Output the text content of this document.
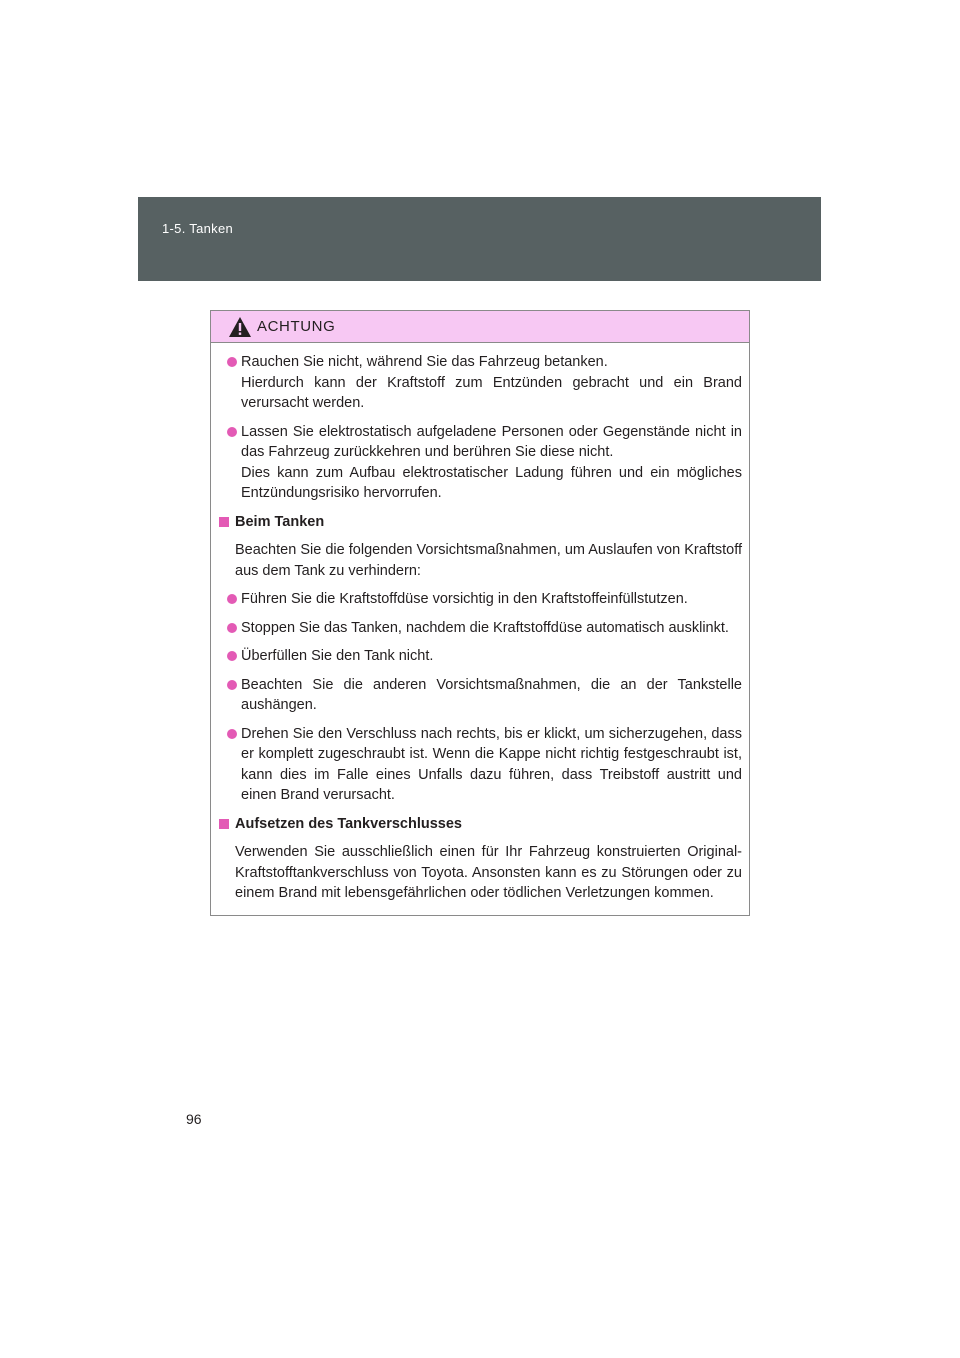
1-5. Tanken
ACHTUNG
Rauchen Sie nicht, während Sie das Fahrzeug betanken.
Hierdurch kann der Kraftstoff zum Entzünden gebracht und ein Brand verursacht werden.
Lassen Sie elektrostatisch aufgeladene Personen oder Gegenstände nicht in das Fahrzeug zurückkehren und berühren Sie diese nicht.
Dies kann zum Aufbau elektrostatischer Ladung führen und ein mögliches Entzündungsrisiko hervorrufen.
Beim Tanken
Beachten Sie die folgenden Vorsichtsmaßnahmen, um Auslaufen von Kraftstoff aus dem Tank zu verhindern:
Führen Sie die Kraftstoffdüse vorsichtig in den Kraftstoffeinfüllstutzen.
Stoppen Sie das Tanken, nachdem die Kraftstoffdüse automatisch ausklinkt.
Überfüllen Sie den Tank nicht.
Beachten Sie die anderen Vorsichtsmaßnahmen, die an der Tankstelle aushängen.
Drehen Sie den Verschluss nach rechts, bis er klickt, um sicherzugehen, dass er komplett zugeschraubt ist. Wenn die Kappe nicht richtig festgeschraubt ist, kann dies im Falle eines Unfalls dazu führen, dass Treibstoff austritt und einen Brand verursacht.
Aufsetzen des Tankverschlusses
Verwenden Sie ausschließlich einen für Ihr Fahrzeug konstruierten Original-Kraftstofftankverschluss von Toyota. Ansonsten kann es zu Störungen oder zu einem Brand mit lebensgefährlichen oder tödlichen Verletzungen kommen.
96
